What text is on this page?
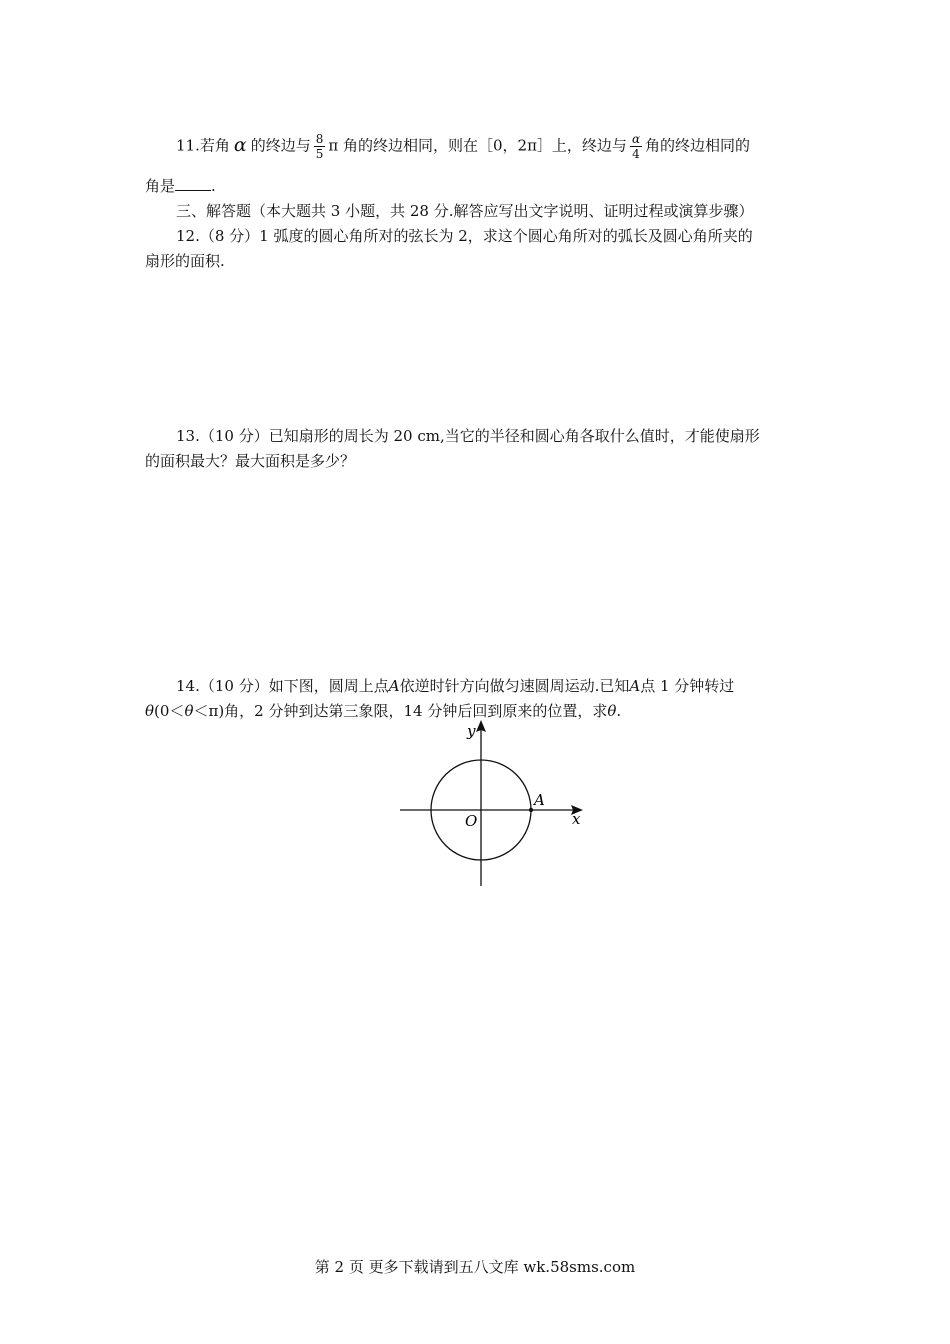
11.若角 α 的终边与 $\frac{8}{5}$ π 角的终边相同，则在［0，2π］上，终边与 $\frac{\alpha}{4}$ 角的终边相同的
角是 .
三、解答题（本大题共 3 小题，共 28 分.解答应写出文字说明、证明过程或演算步骤）
12.（8 分）1 弧度的圆心角所对的弦长为 2，求这个圆心角所对的弧长及圆心角所夹的
扇形的面积.
13.（10 分）已知扇形的周长为 20 cm,当它的半径和圆心角各取什么值时，才能使扇形
的面积最大？最大面积是多少？
14.（10 分）如下图，圆周上点A依逆时针方向做匀速圆周运动.已知A点 1 分钟转过
θ(0＜θ＜π)角，2 分钟到达第三象限，14 分钟后回到原来的位置，求θ.
y
x
O
A
第 2 页 更多下载请到五八文库 wk.58sms.com
